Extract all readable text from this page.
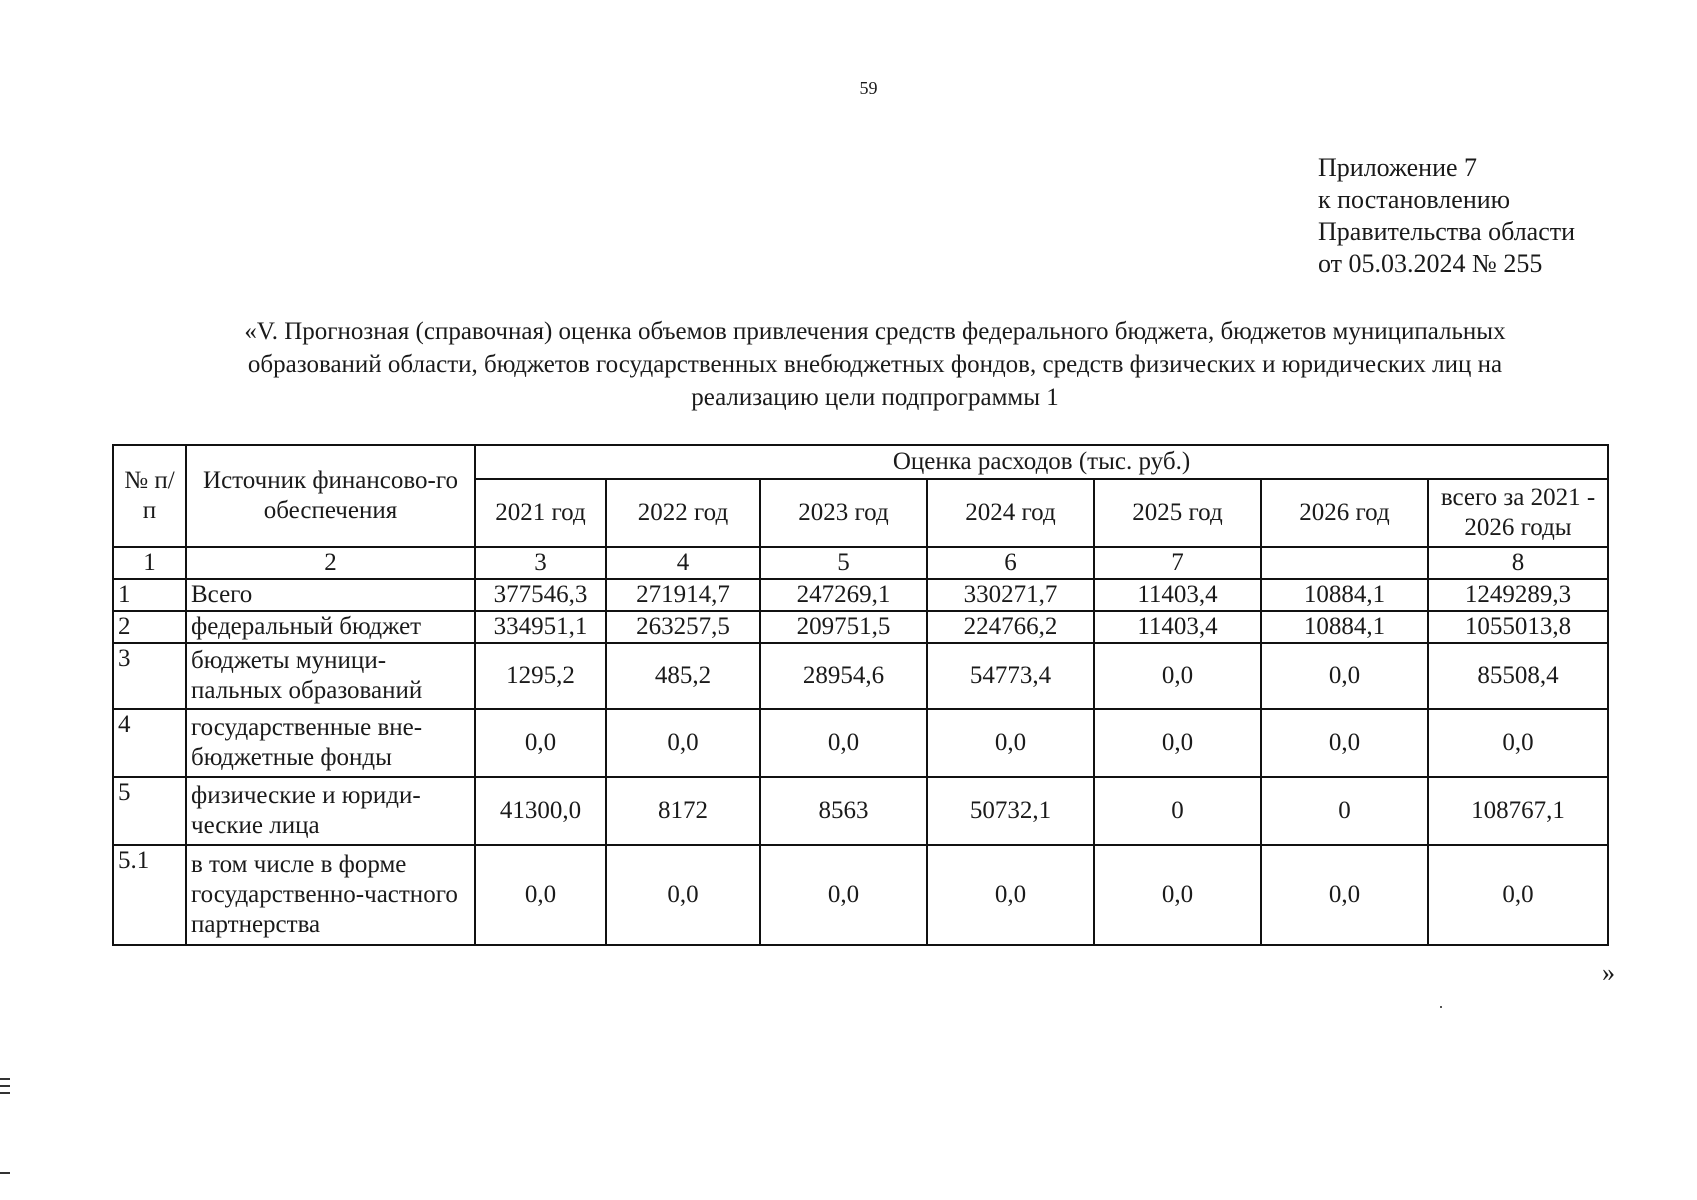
59
Приложение 7
к постановлению
Правительства области
от 05.03.2024 № 255
«V. Прогнозная (справочная) оценка объемов привлечения средств федерального бюджета, бюджетов муниципальных
образований области, бюджетов государственных внебюджетных фондов, средств физических и юридических лиц на
реализацию цели подпрограммы 1
№ п/п	Источник финансово-го обеспечения	Оценка расходов (тыс. руб.)						
		2021 год	2022 год	2023 год	2024 год	2025 год	2026 год	всего за 2021 - 2026 годы
1	2	3	4	5	6	7		8
1	Всего	377546,3	271914,7	247269,1	330271,7	11403,4	10884,1	1249289,3
2	федеральный бюджет	334951,1	263257,5	209751,5	224766,2	11403,4	10884,1	1055013,8
3	бюджеты муници-пальных образований	1295,2	485,2	28954,6	54773,4	0,0	0,0	85508,4
4	государственные вне-бюджетные фонды	0,0	0,0	0,0	0,0	0,0	0,0	0,0
5	физические и юриди-ческие лица	41300,0	8172	8563	50732,1	0	0	108767,1
5.1	в том числе в форме государственно-частного партнерства	0,0	0,0	0,0	0,0	0,0	0,0	0,0
»
